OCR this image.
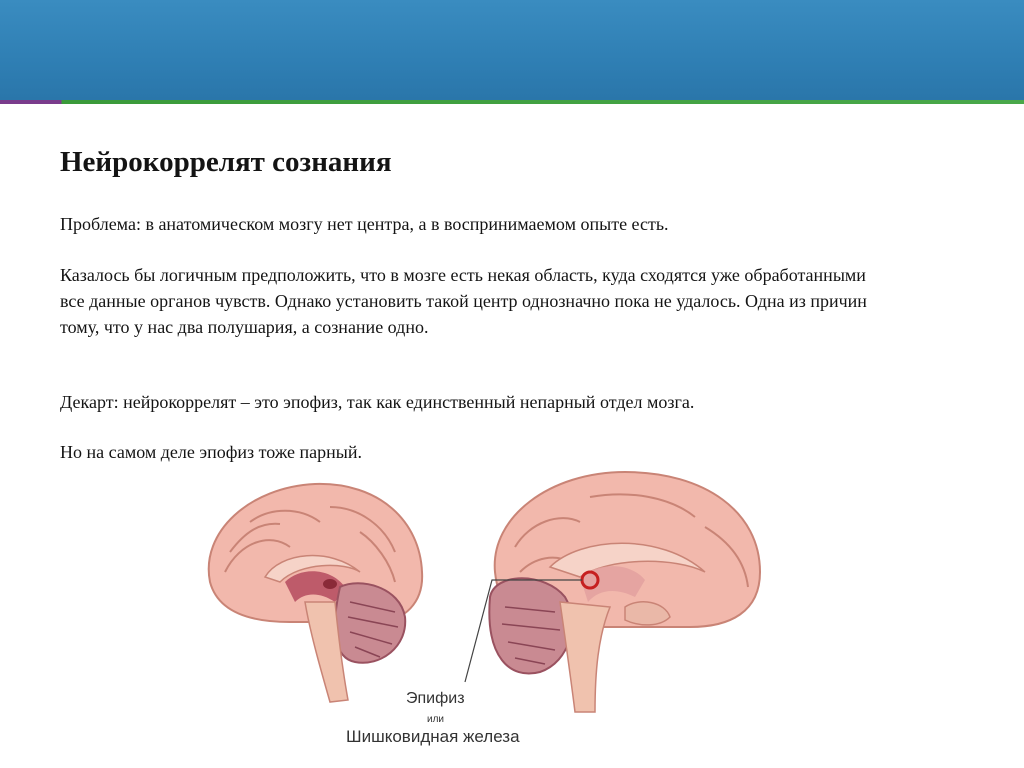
Нейрокоррелят сознания

Проблема: в анатомическом мозгу нет центра, а в воспринимаемом опыте есть.

Казалось бы логичным предположить, что в мозге есть некая область, куда сходятся уже обработанными все данные органов чувств. Однако установить такой центр однозначно пока не удалось. Одна из причин тому, что у нас два полушария, а сознание одно.

Декарт: нейрокоррелят – это эпофиз, так как единственный непарный отдел мозга.

Но на самом деле эпофиз тоже парный.

Эпифиз
или
Шишковидная железа
